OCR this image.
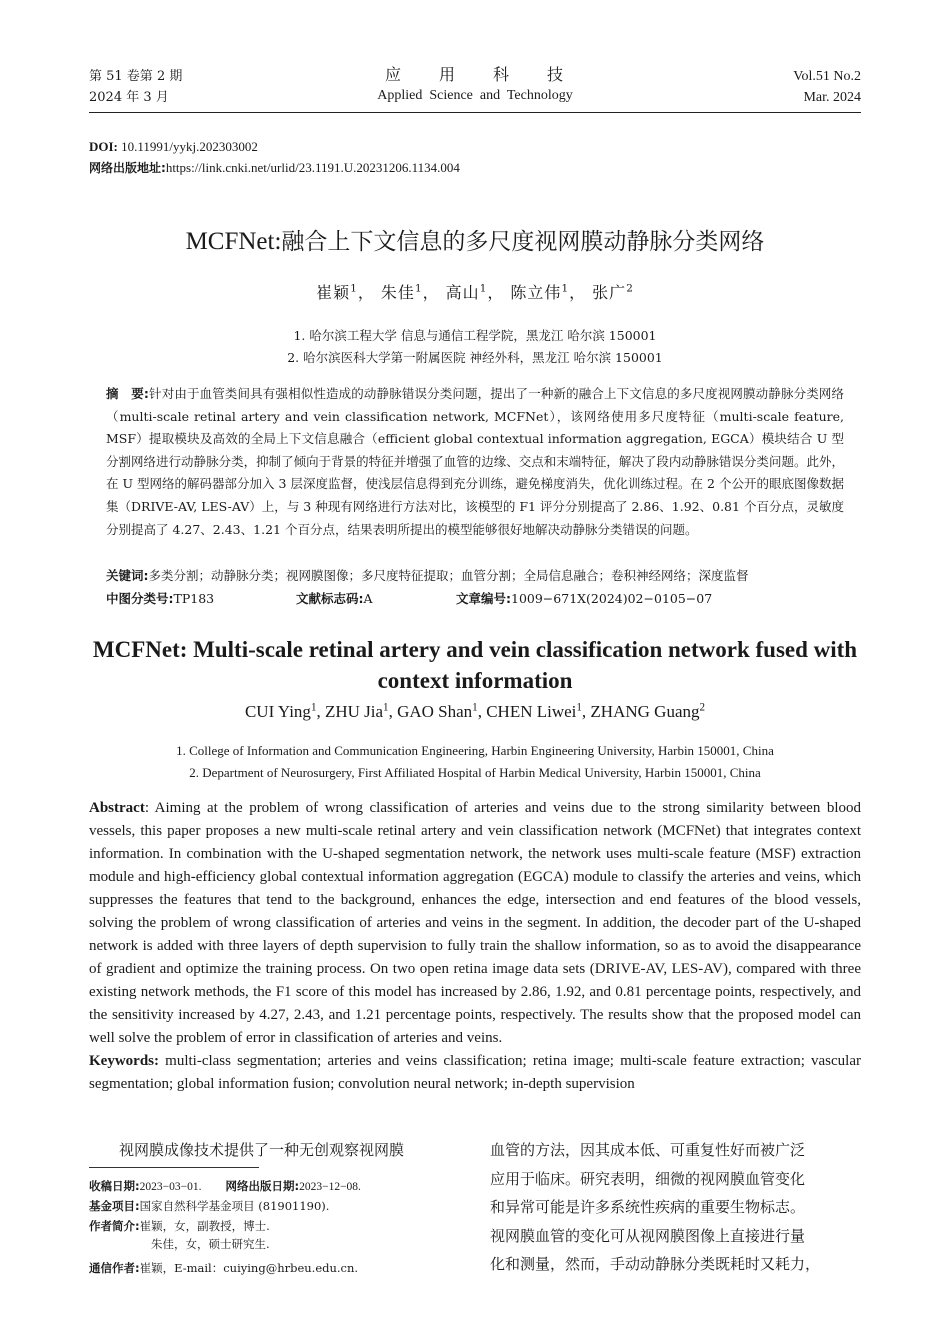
第 51 卷第 2 期
2024 年 3 月
应　　用　　科　　技
Applied  Science  and  Technology
Vol.51 No.2
Mar. 2024
DOI: 10.11991/yykj.202303002
网络出版地址:https://link.cnki.net/urlid/23.1191.U.20231206.1134.004
MCFNet:融合上下文信息的多尺度视网膜动静脉分类网络
崔颖$^1$， 朱佳$^1$， 高山$^1$， 陈立伟$^1$， 张广$^2$
1. 哈尔滨工程大学 信息与通信工程学院，黑龙江 哈尔滨 150001
2. 哈尔滨医科大学第一附属医院 神经外科，黑龙江 哈尔滨 150001
摘　要:针对由于血管类间具有强相似性造成的动静脉错误分类问题，提出了一种新的融合上下文信息的多尺度视网膜动静脉分类网络（multi-scale retinal artery and vein classification network, MCFNet），该网络使用多尺度特征（multi-scale feature, MSF）提取模块及高效的全局上下文信息融合（efficient global contextual information aggregation, EGCA）模块结合 U 型分割网络进行动静脉分类，抑制了倾向于背景的特征并增强了血管的边缘、交点和末端特征，解决了段内动静脉错误分类问题。此外，在 U 型网络的解码器部分加入 3 层深度监督，使浅层信息得到充分训练，避免梯度消失，优化训练过程。在 2 个公开的眼底图像数据集（DRIVE-AV, LES-AV）上，与 3 种现有网络进行方法对比，该模型的 F1 评分分别提高了 2.86、1.92、0.81 个百分点，灵敏度分别提高了 4.27、2.43、1.21 个百分点，结果表明所提出的模型能够很好地解决动静脉分类错误的问题。
关键词:多类分割；动静脉分类；视网膜图像；多尺度特征提取；血管分割；全局信息融合；卷积神经网络；深度监督
中图分类号:TP183	文献标志码:A	文章编号:1009−671X(2024)02−0105−07
MCFNet: Multi-scale retinal artery and vein classification network fused with context information
CUI Ying$^1$, ZHU Jia$^1$, GAO Shan$^1$, CHEN Liwei$^1$, ZHANG Guang$^2$
1. College of Information and Communication Engineering, Harbin Engineering University, Harbin 150001, China
2. Department of Neurosurgery, First Affiliated Hospital of Harbin Medical University, Harbin 150001, China
Abstract: Aiming at the problem of wrong classification of arteries and veins due to the strong similarity between blood vessels, this paper proposes a new multi-scale retinal artery and vein classification network (MCFNet) that integrates context information. In combination with the U-shaped segmentation network, the network uses multi-scale feature (MSF) extraction module and high-efficiency global contextual information aggregation (EGCA) module to classify the arteries and veins, which suppresses the features that tend to the background, enhances the edge, intersection and end features of the blood vessels, solving the problem of wrong classification of arteries and veins in the segment. In addition, the decoder part of the U-shaped network is added with three layers of depth supervision to fully train the shallow information, so as to avoid the disappearance of gradient and optimize the training process. On two open retina image data sets (DRIVE-AV, LES-AV), compared with three existing network methods, the F1 score of this model has increased by 2.86, 1.92, and 0.81 percentage points, respectively, and the sensitivity increased by 4.27, 2.43, and 1.21 percentage points, respectively. The results show that the proposed model can well solve the problem of error in classification of arteries and veins.
Keywords: multi-class segmentation; arteries and veins classification; retina image; multi-scale feature extraction; vascular segmentation; global information fusion; convolution neural network; in-depth supervision
视网膜成像技术提供了一种无创观察视网膜
收稿日期:2023−03−01. 网络出版日期:2023−12−08.
基金项目:国家自然科学基金项目 (81901190).
作者简介:崔颖，女，副教授，博士.
朱佳，女，硕士研究生.
通信作者:崔颖，E-mail：cuiying@hrbeu.edu.cn.
血管的方法，因其成本低、可重复性好而被广泛
应用于临床。研究表明，细微的视网膜血管变化
和异常可能是许多系统性疾病的重要生物标志。
视网膜血管的变化可从视网膜图像上直接进行量
化和测量，然而，手动动静脉分类既耗时又耗力，
